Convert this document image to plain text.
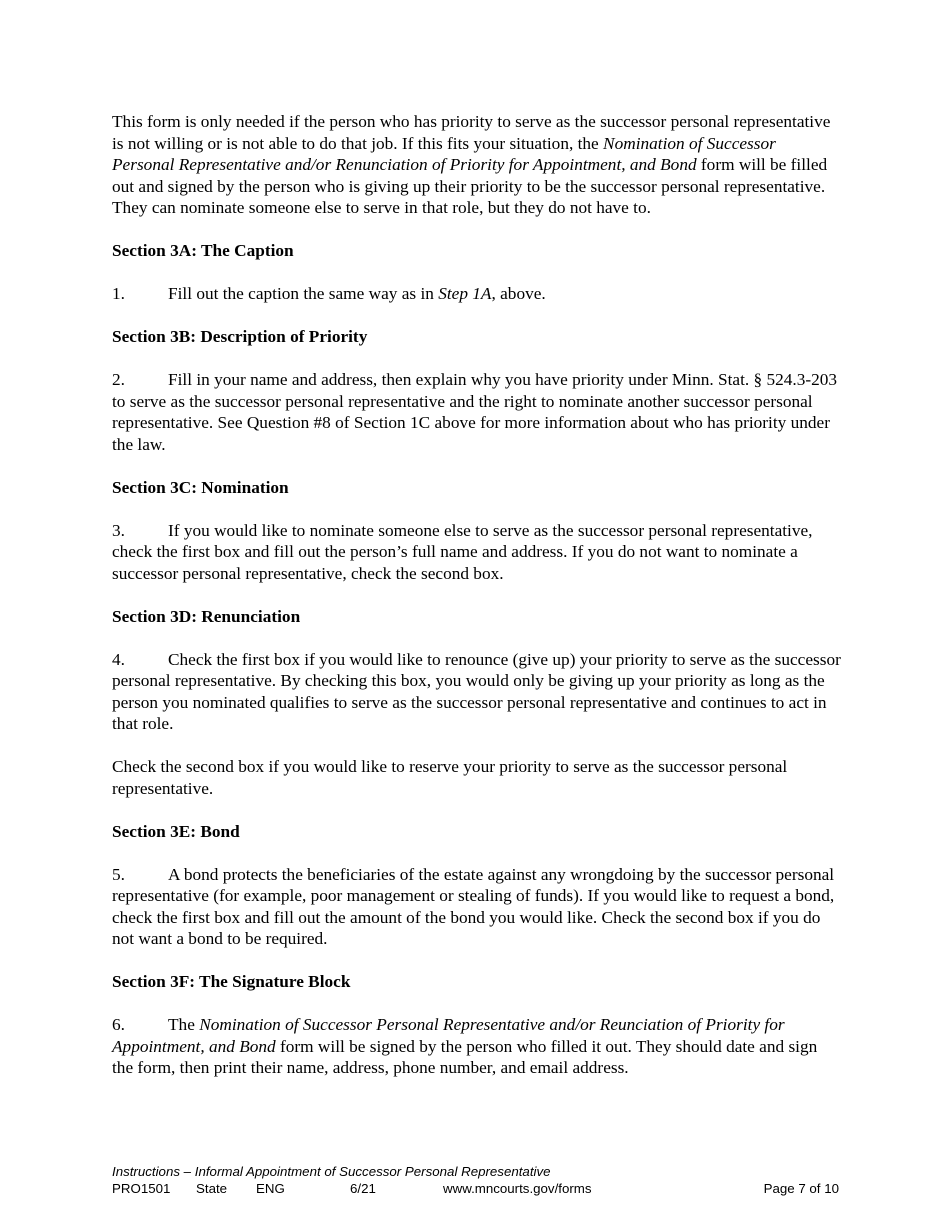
This form is only needed if the person who has priority to serve as the successor personal representative is not willing or is not able to do that job. If this fits your situation, the Nomination of Successor Personal Representative and/or Renunciation of Priority for Appointment, and Bond form will be filled out and signed by the person who is giving up their priority to be the successor personal representative. They can nominate someone else to serve in that role, but they do not have to.

Section 3A: The Caption

1. Fill out the caption the same way as in Step 1A, above.

Section 3B: Description of Priority

2. Fill in your name and address, then explain why you have priority under Minn. Stat. § 524.3-203 to serve as the successor personal representative and the right to nominate another successor personal representative. See Question #8 of Section 1C above for more information about who has priority under the law.

Section 3C: Nomination

3. If you would like to nominate someone else to serve as the successor personal representative, check the first box and fill out the person’s full name and address. If you do not want to nominate a successor personal representative, check the second box.

Section 3D: Renunciation

4. Check the first box if you would like to renounce (give up) your priority to serve as the successor personal representative. By checking this box, you would only be giving up your priority as long as the person you nominated qualifies to serve as the successor personal representative and continues to act in that role.

Check the second box if you would like to reserve your priority to serve as the successor personal representative.

Section 3E: Bond

5. A bond protects the beneficiaries of the estate against any wrongdoing by the successor personal representative (for example, poor management or stealing of funds). If you would like to request a bond, check the first box and fill out the amount of the bond you would like. Check the second box if you do not want a bond to be required.

Section 3F: The Signature Block

6. The Nomination of Successor Personal Representative and/or Reunciation of Priority for Appointment, and Bond form will be signed by the person who filled it out. They should date and sign the form, then print their name, address, phone number, and email address.

Instructions – Informal Appointment of Successor Personal Representative
PRO1501 State ENG	6/21	www.mncourts.gov/forms	Page 7 of 10
